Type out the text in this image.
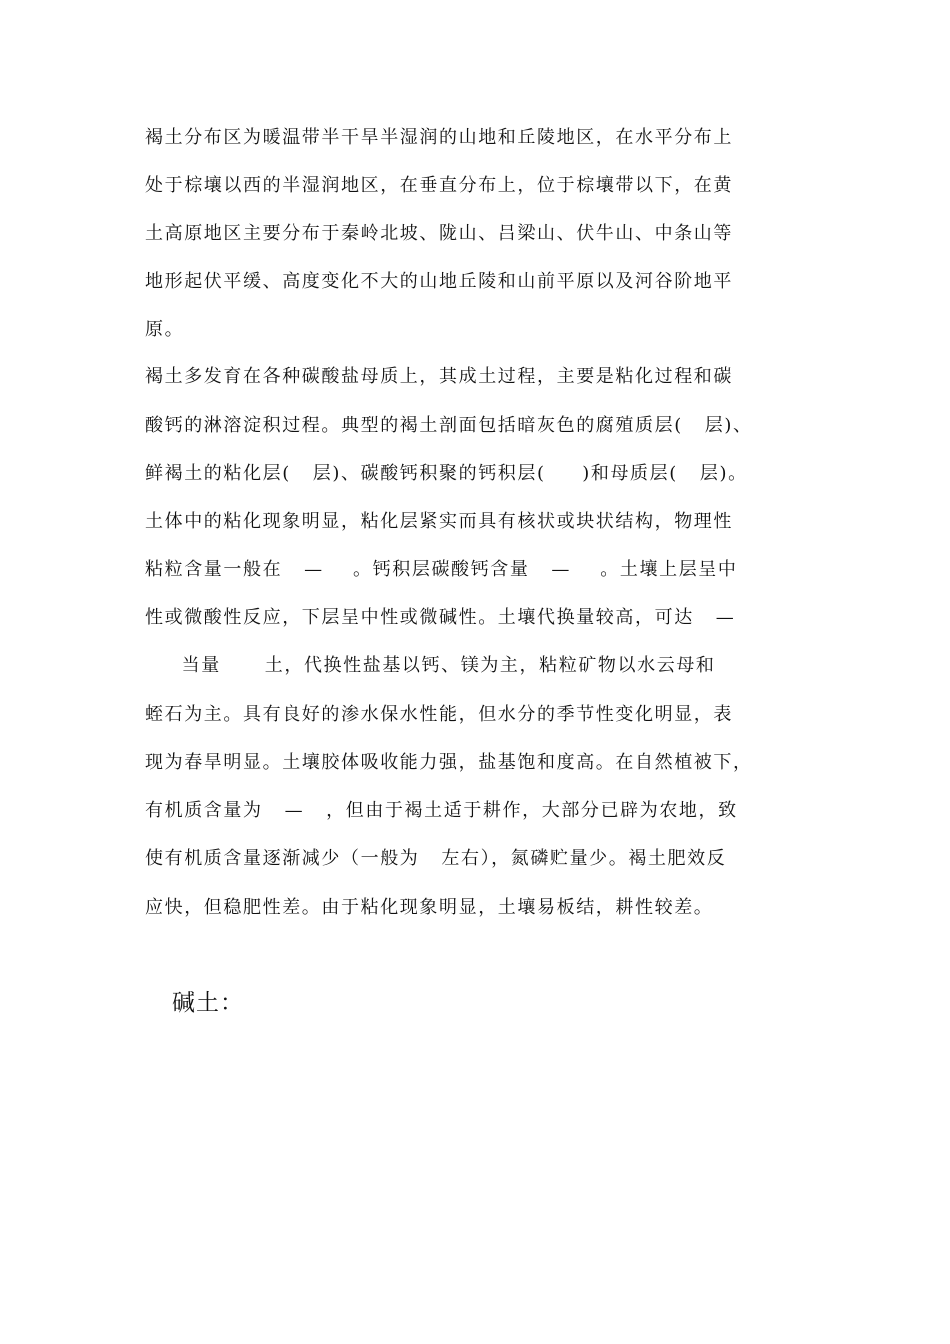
褐土分布区为暖温带半干旱半湿润的山地和丘陵地区，在水平分布上
处于棕壤以西的半湿润地区，在垂直分布上，位于棕壤带以下，在黄
土高原地区主要分布于秦岭北坡、陇山、吕梁山、伏牛山、中条山等
地形起伏平缓、高度变化不大的山地丘陵和山前平原以及河谷阶地平
原。
褐土多发育在各种碳酸盐母质上，其成土过程，主要是粘化过程和碳
酸钙的淋溶淀积过程。典型的褐土剖面包括暗灰色的腐殖质层(   层)、
鲜褐土的粘化层(   层)、碳酸钙积聚的钙积层(     )和母质层(   层)。
土体中的粘化现象明显，粘化层紧实而具有核状或块状结构，物理性
粘粒含量一般在   —    。钙积层碳酸钙含量   —    。土壤上层呈中
性或微酸性反应，下层呈中性或微碱性。土壤代换量较高，可达   —
当量      土，代换性盐基以钙、镁为主，粘粒矿物以水云母和
蛭石为主。具有良好的渗水保水性能，但水分的季节性变化明显，表
现为春旱明显。土壤胶体吸收能力强，盐基饱和度高。在自然植被下，
有机质含量为   —   ，但由于褐土适于耕作，大部分已辟为农地，致
使有机质含量逐渐减少（一般为   左右），氮磷贮量少。褐土肥效反
应快，但稳肥性差。由于粘化现象明显，土壤易板结，耕性较差。
碱土：
